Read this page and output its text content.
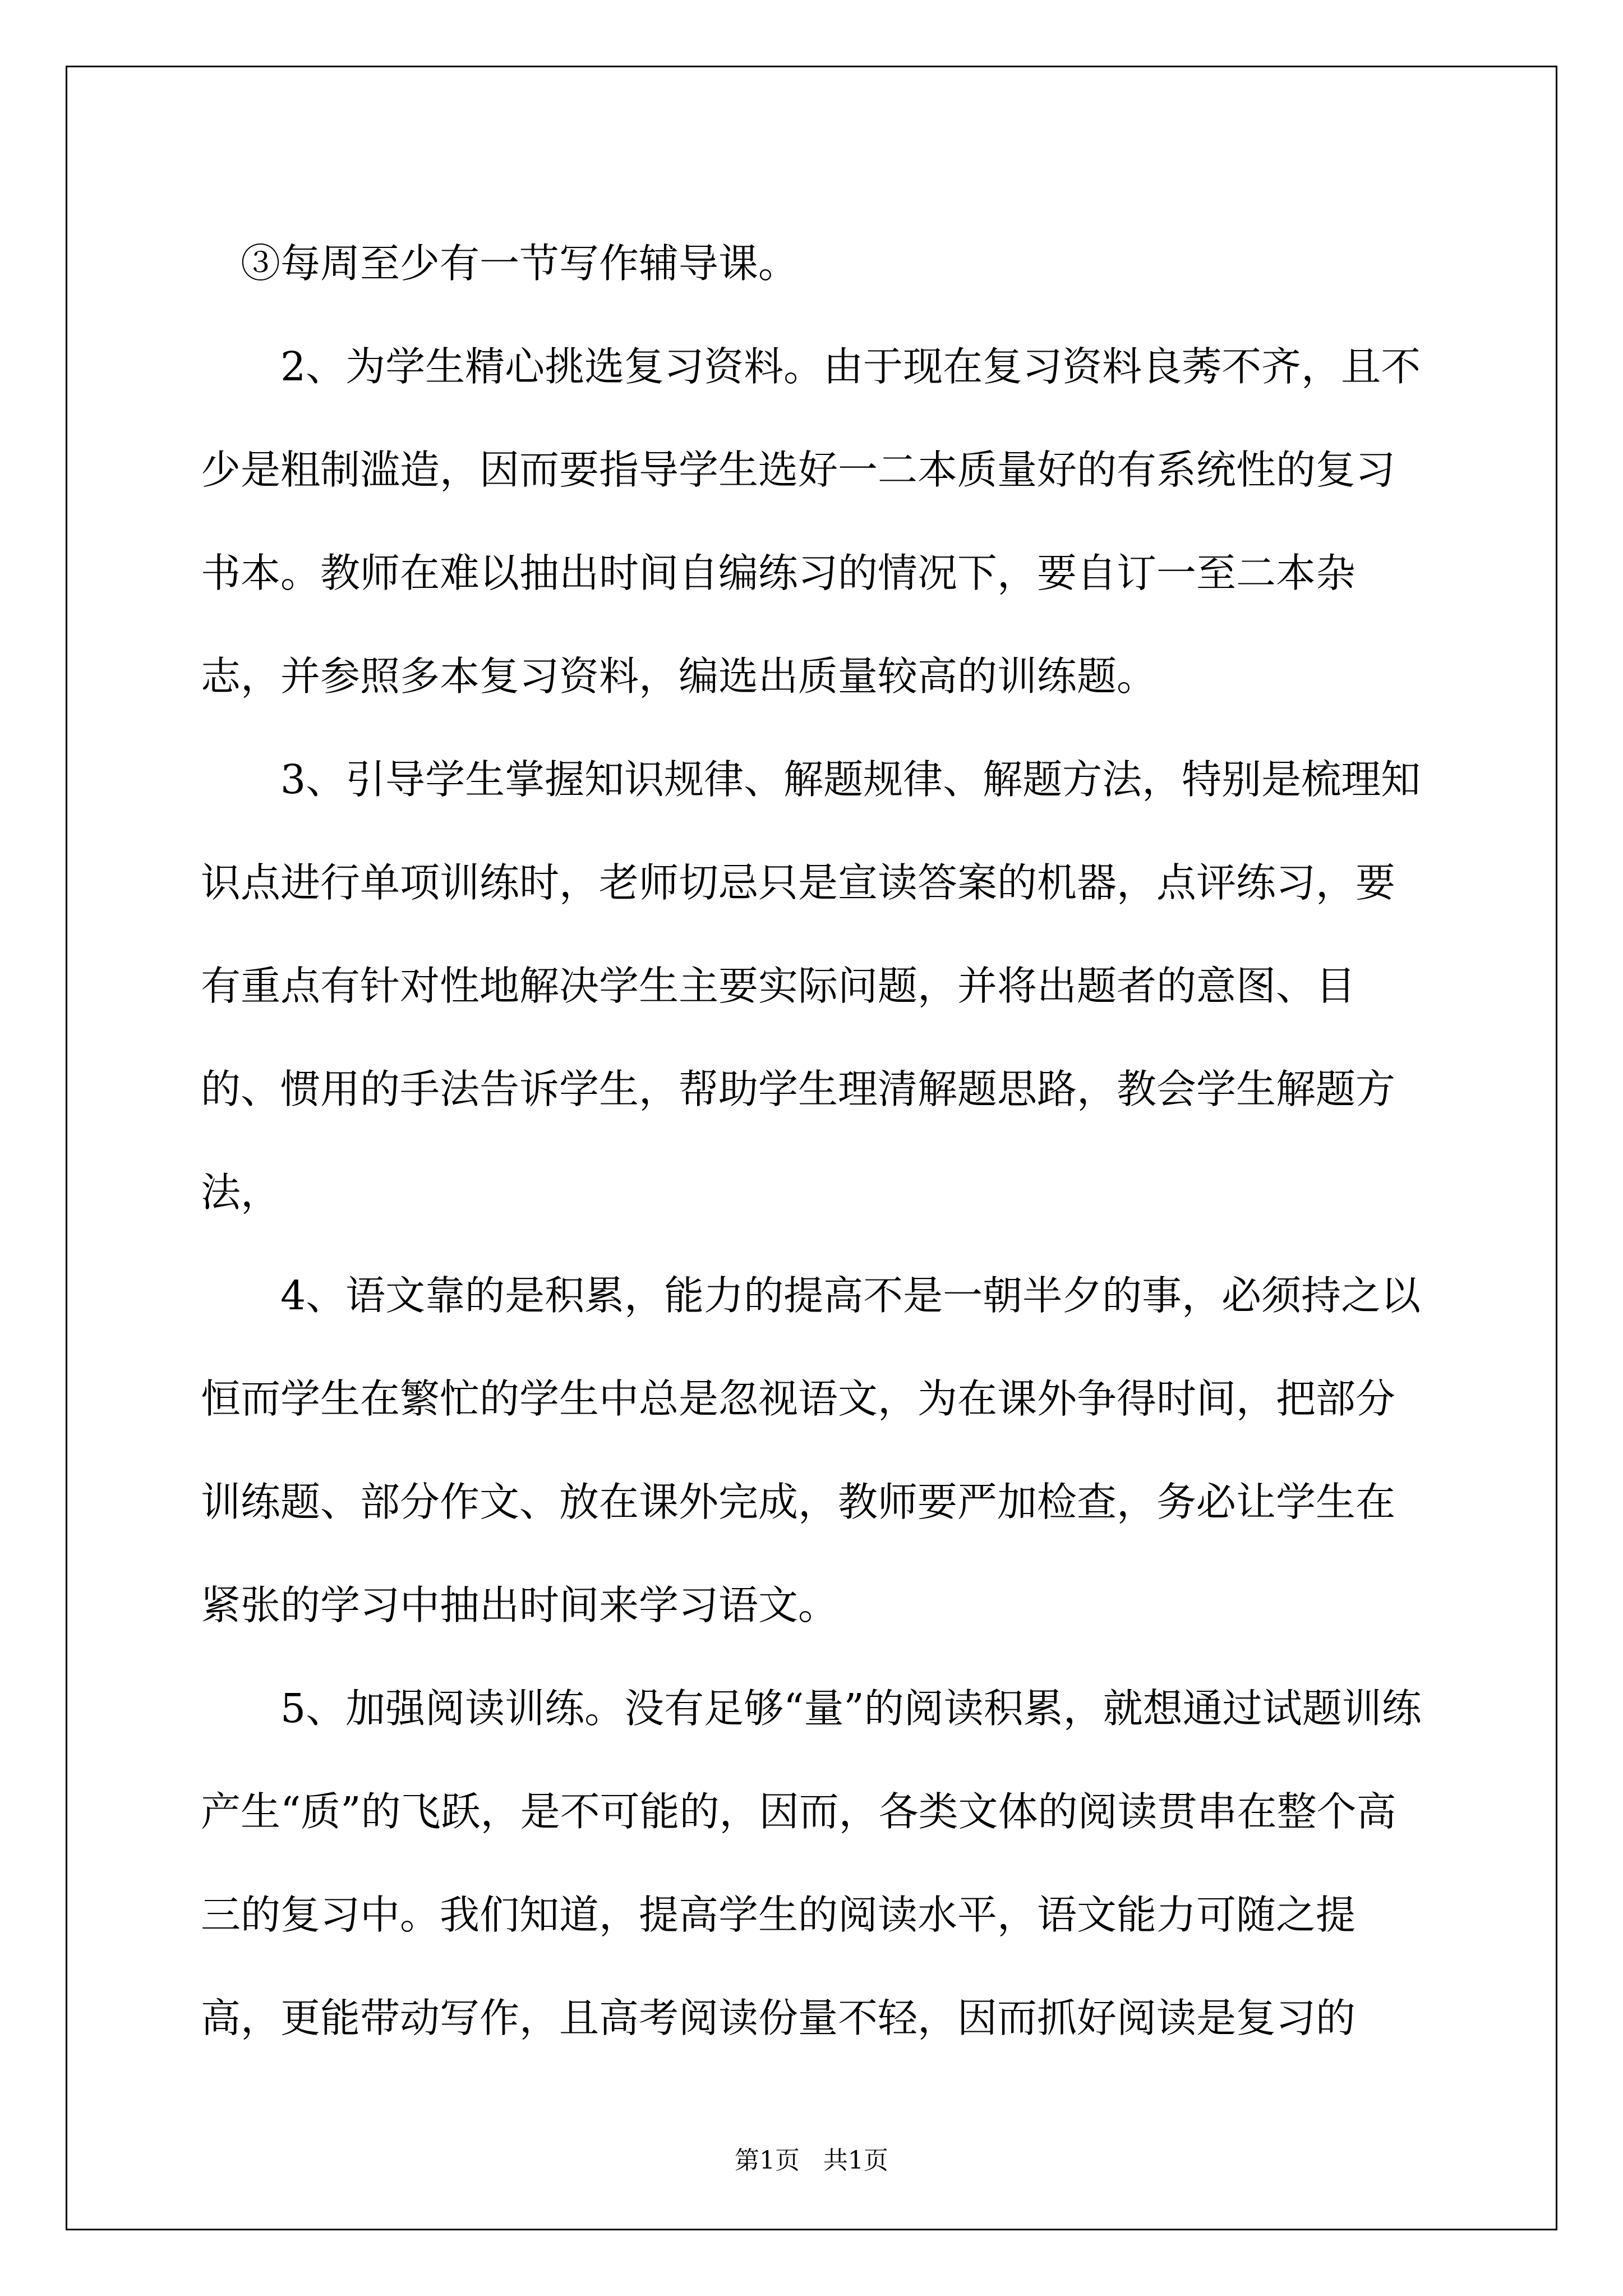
③每周至少有一节写作辅导课。

2、为学生精心挑选复习资料。由于现在复习资料良莠不齐，且不少是粗制滥造，因而要指导学生选好一二本质量好的有系统性的复习书本。教师在难以抽出时间自编练习的情况下，要自订一至二本杂志，并参照多本复习资料，编选出质量较高的训练题。

3、引导学生掌握知识规律、解题规律、解题方法，特别是梳理知识点进行单项训练时，老师切忌只是宣读答案的机器，点评练习，要有重点有针对性地解决学生主要实际问题，并将出题者的意图、目的、惯用的手法告诉学生，帮助学生理清解题思路，教会学生解题方法，

4、语文靠的是积累，能力的提高不是一朝半夕的事，必须持之以恒而学生在繁忙的学生中总是忽视语文，为在课外争得时间，把部分训练题、部分作文、放在课外完成，教师要严加检查，务必让学生在紧张的学习中抽出时间来学习语文。

5、加强阅读训练。没有足够“量”的阅读积累，就想通过试题训练产生“质”的飞跃，是不可能的，因而，各类文体的阅读贯串在整个高三的复习中。我们知道，提高学生的阅读水平，语文能力可随之提高，更能带动写作，且高考阅读份量不轻，因而抓好阅读是复习的

第1页 共1页
